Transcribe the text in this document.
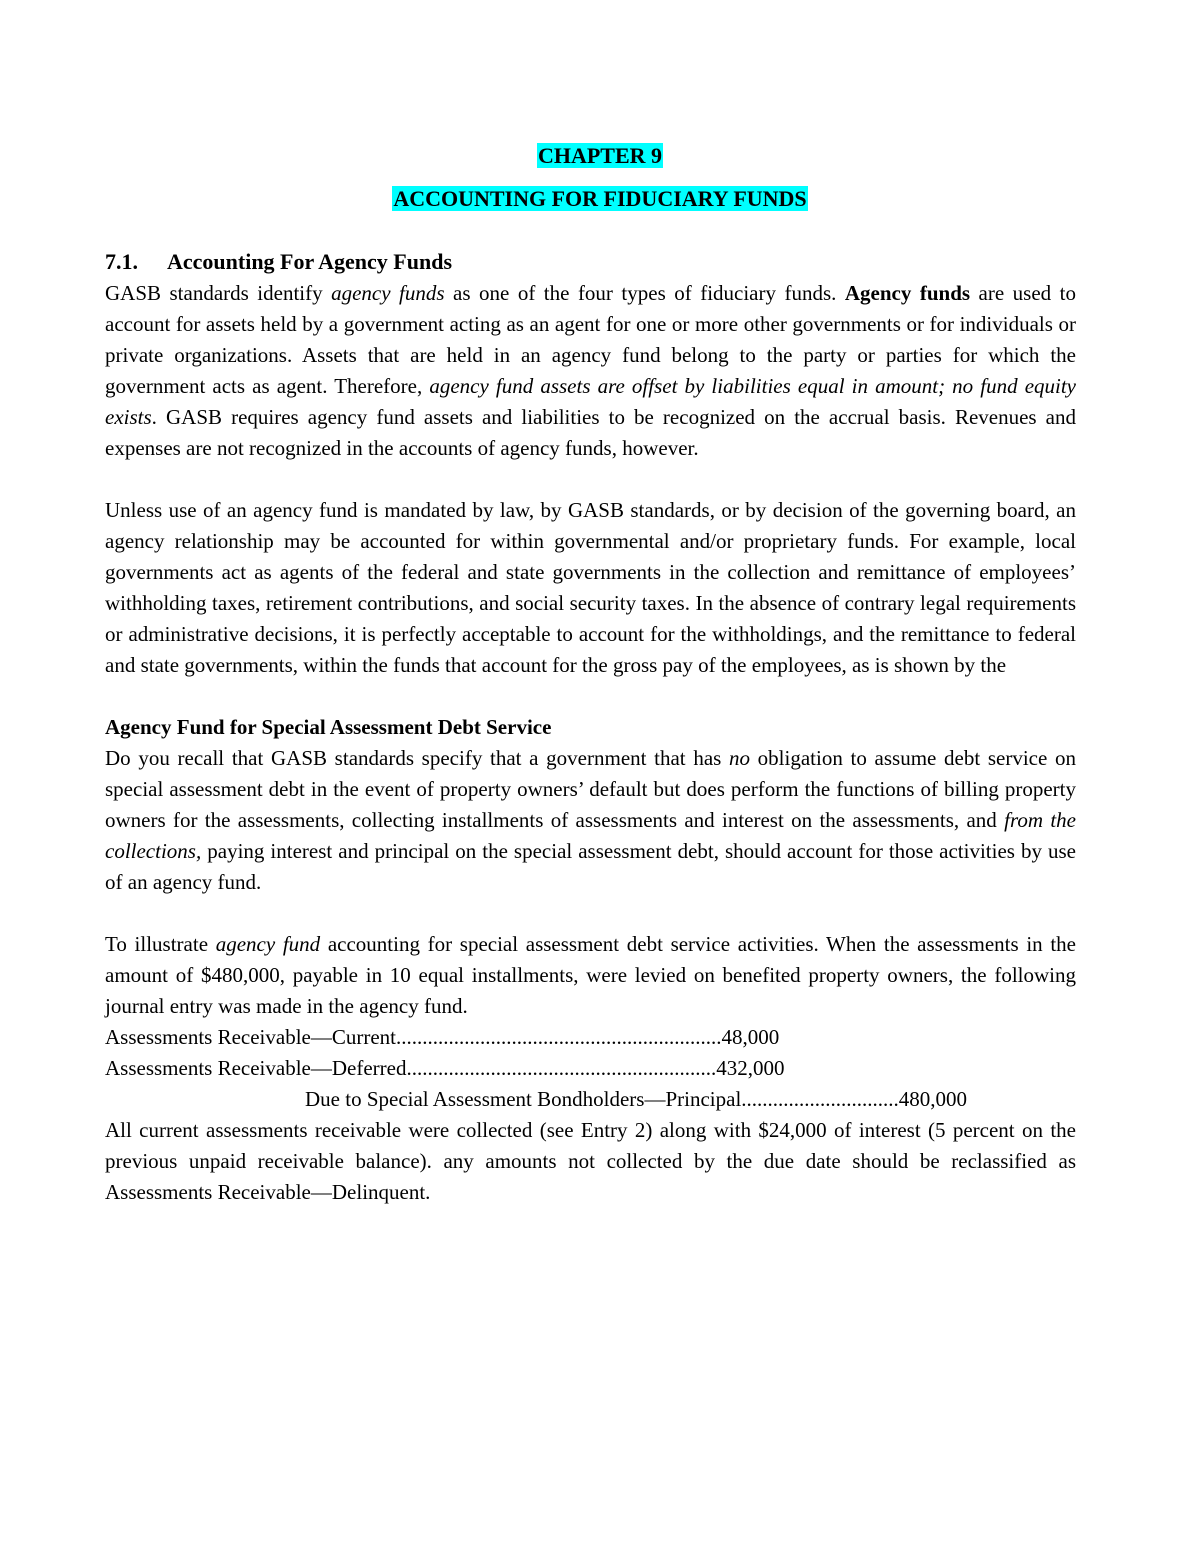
CHAPTER 9
ACCOUNTING FOR FIDUCIARY FUNDS

7.1. Accounting For Agency Funds

GASB standards identify agency funds as one of the four types of fiduciary funds. Agency funds are used to account for assets held by a government acting as an agent for one or more other governments or for individuals or private organizations. Assets that are held in an agency fund belong to the party or parties for which the government acts as agent. Therefore, agency fund assets are offset by liabilities equal in amount; no fund equity exists. GASB requires agency fund assets and liabilities to be recognized on the accrual basis. Revenues and expenses are not recognized in the accounts of agency funds, however.

Unless use of an agency fund is mandated by law, by GASB standards, or by decision of the governing board, an agency relationship may be accounted for within governmental and/or proprietary funds. For example, local governments act as agents of the federal and state governments in the collection and remittance of employees’ withholding taxes, retirement contributions, and social security taxes. In the absence of contrary legal requirements or administrative decisions, it is perfectly acceptable to account for the withholdings, and the remittance to federal and state governments, within the funds that account for the gross pay of the employees, as is shown by the

Agency Fund for Special Assessment Debt Service

Do you recall that GASB standards specify that a government that has no obligation to assume debt service on special assessment debt in the event of property owners’ default but does perform the functions of billing property owners for the assessments, collecting installments of assessments and interest on the assessments, and from the collections, paying interest and principal on the special assessment debt, should account for those activities by use of an agency fund.

To illustrate agency fund accounting for special assessment debt service activities. When the assessments in the amount of $480,000, payable in 10 equal installments, were levied on benefited property owners, the following journal entry was made in the agency fund.

Assessments Receivable—Current..............................................................48,000

Assessments Receivable—Deferred...........................................................432,000

Due to Special Assessment Bondholders—Principal..............................480,000

All current assessments receivable were collected (see Entry 2) along with $24,000 of interest (5 percent on the previous unpaid receivable balance). any amounts not collected by the due date should be reclassified as Assessments Receivable—Delinquent.
